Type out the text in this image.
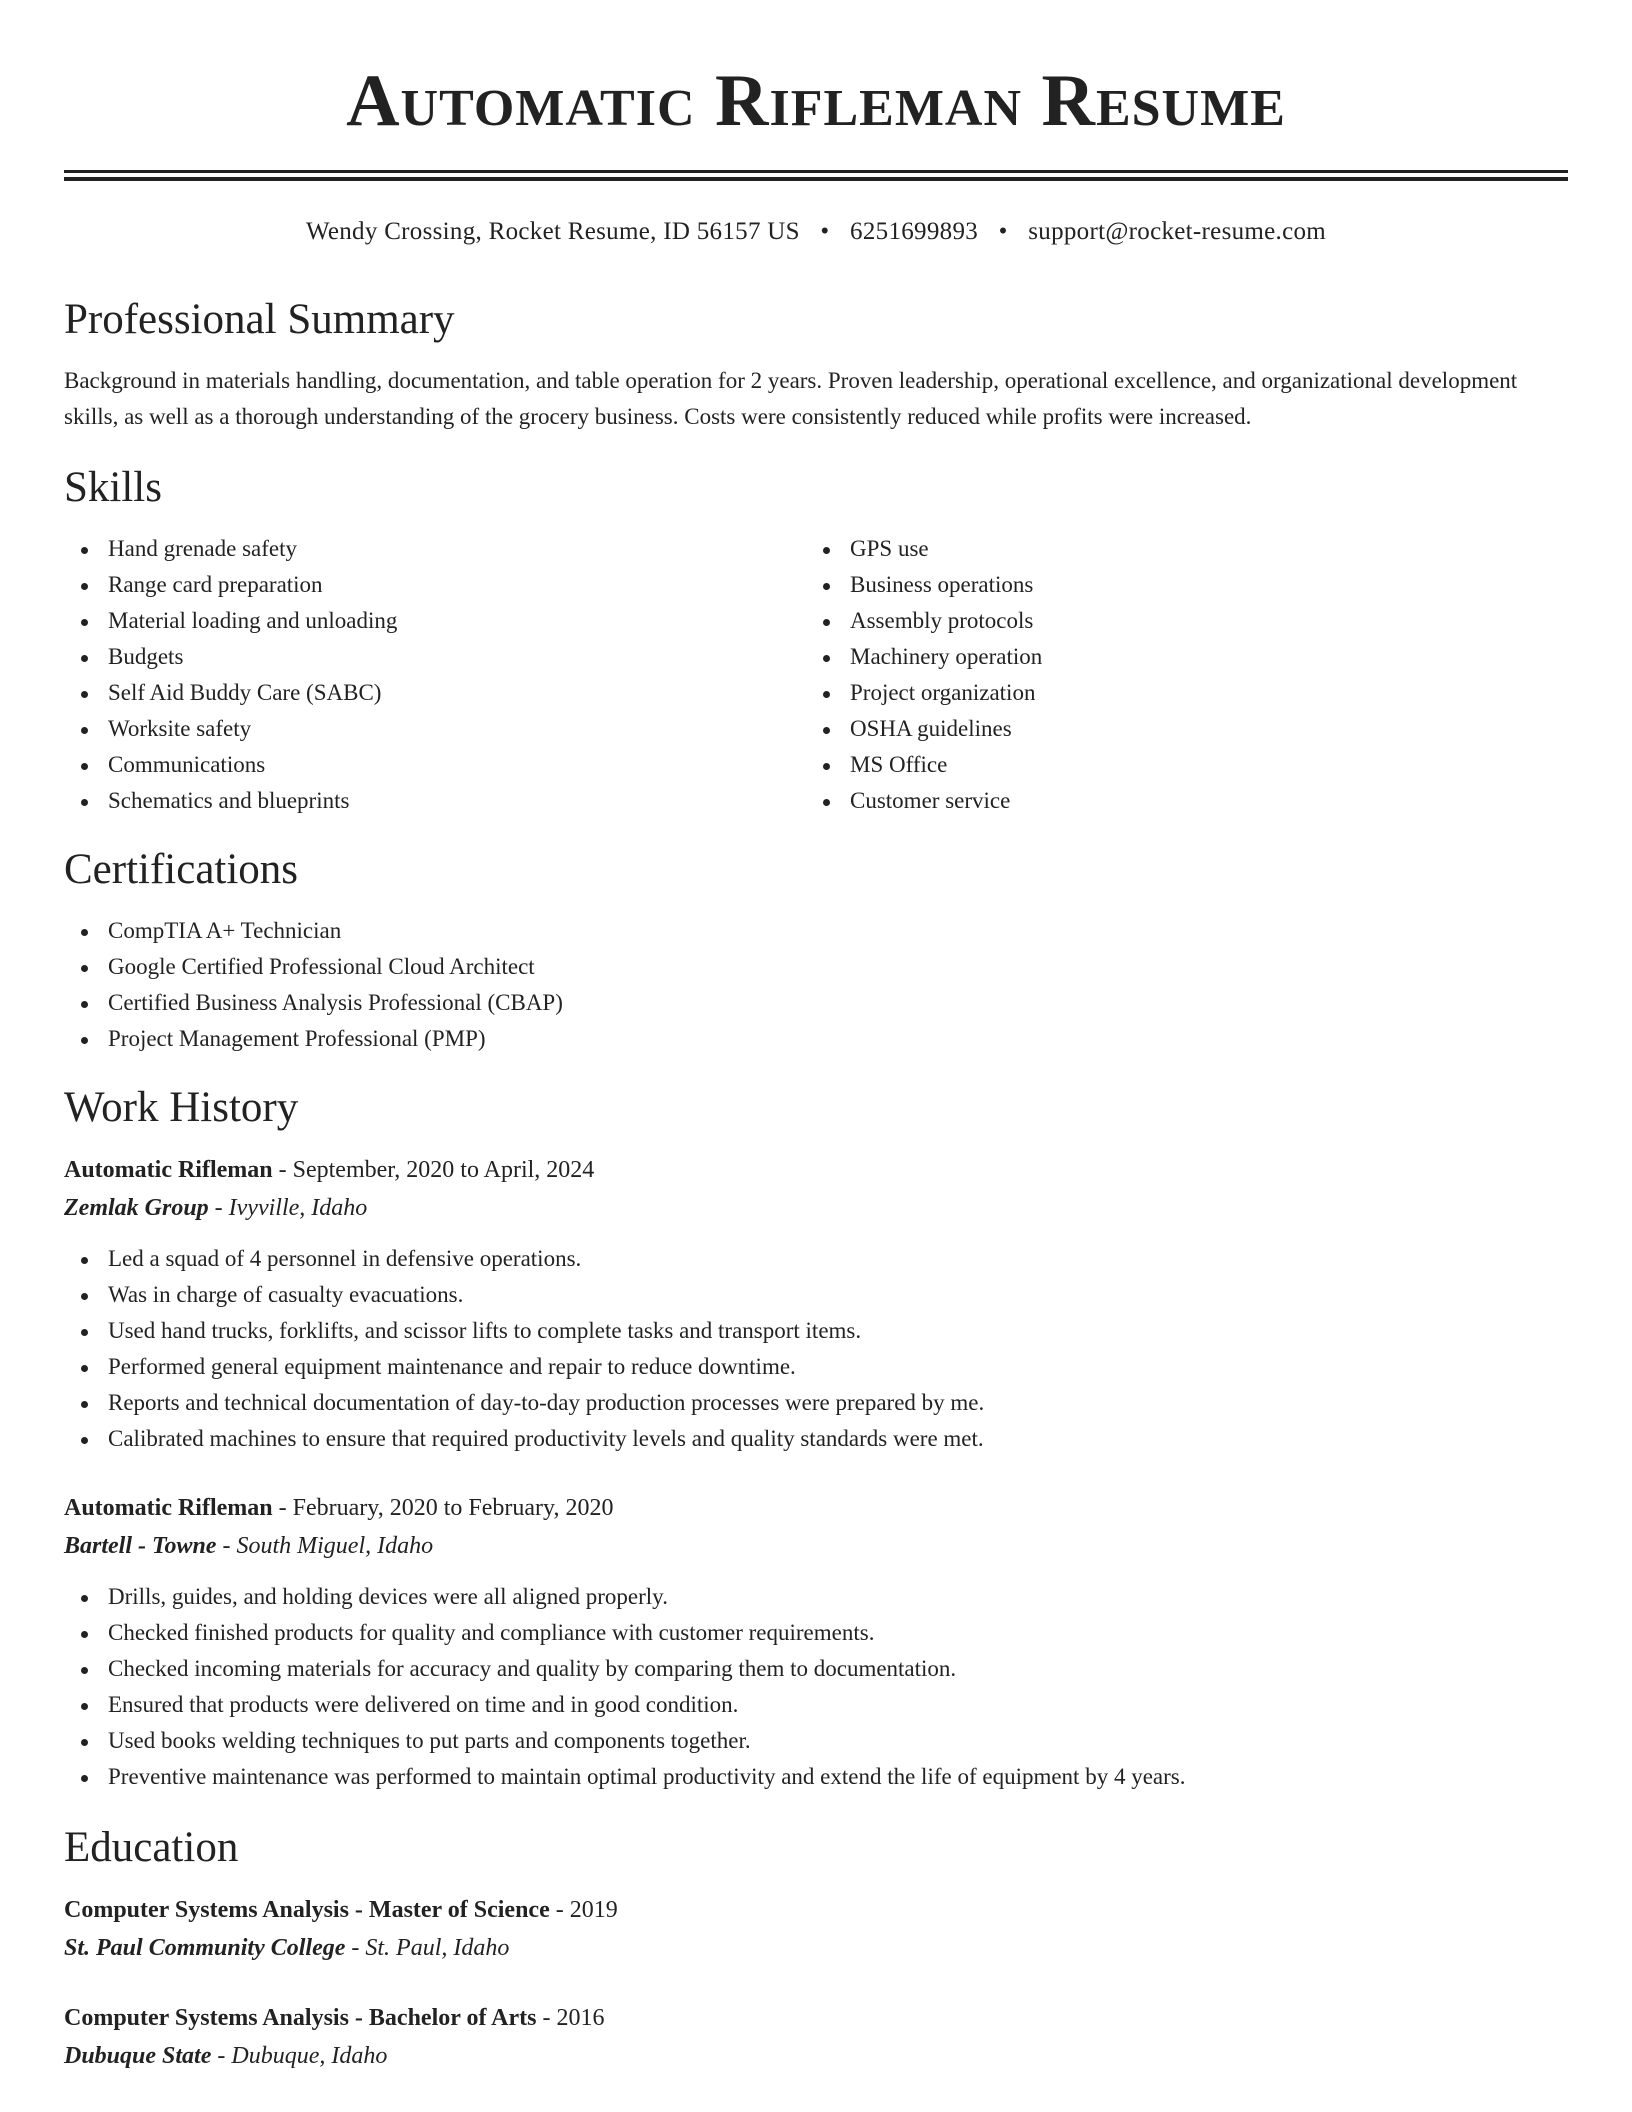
Automatic Rifleman Resume
Wendy Crossing, Rocket Resume, ID 56157 US • 6251699893 • support@rocket-resume.com
Professional Summary
Background in materials handling, documentation, and table operation for 2 years. Proven leadership, operational excellence, and organizational development skills, as well as a thorough understanding of the grocery business. Costs were consistently reduced while profits were increased.
Skills
Hand grenade safety
Range card preparation
Material loading and unloading
Budgets
Self Aid Buddy Care (SABC)
Worksite safety
Communications
Schematics and blueprints
GPS use
Business operations
Assembly protocols
Machinery operation
Project organization
OSHA guidelines
MS Office
Customer service
Certifications
CompTIA A+ Technician
Google Certified Professional Cloud Architect
Certified Business Analysis Professional (CBAP)
Project Management Professional (PMP)
Work History
Automatic Rifleman - September, 2020 to April, 2024
Zemlak Group - Ivyville, Idaho
Led a squad of 4 personnel in defensive operations.
Was in charge of casualty evacuations.
Used hand trucks, forklifts, and scissor lifts to complete tasks and transport items.
Performed general equipment maintenance and repair to reduce downtime.
Reports and technical documentation of day-to-day production processes were prepared by me.
Calibrated machines to ensure that required productivity levels and quality standards were met.
Automatic Rifleman - February, 2020 to February, 2020
Bartell - Towne - South Miguel, Idaho
Drills, guides, and holding devices were all aligned properly.
Checked finished products for quality and compliance with customer requirements.
Checked incoming materials for accuracy and quality by comparing them to documentation.
Ensured that products were delivered on time and in good condition.
Used books welding techniques to put parts and components together.
Preventive maintenance was performed to maintain optimal productivity and extend the life of equipment by 4 years.
Education
Computer Systems Analysis - Master of Science - 2019
St. Paul Community College - St. Paul, Idaho
Computer Systems Analysis - Bachelor of Arts - 2016
Dubuque State - Dubuque, Idaho
